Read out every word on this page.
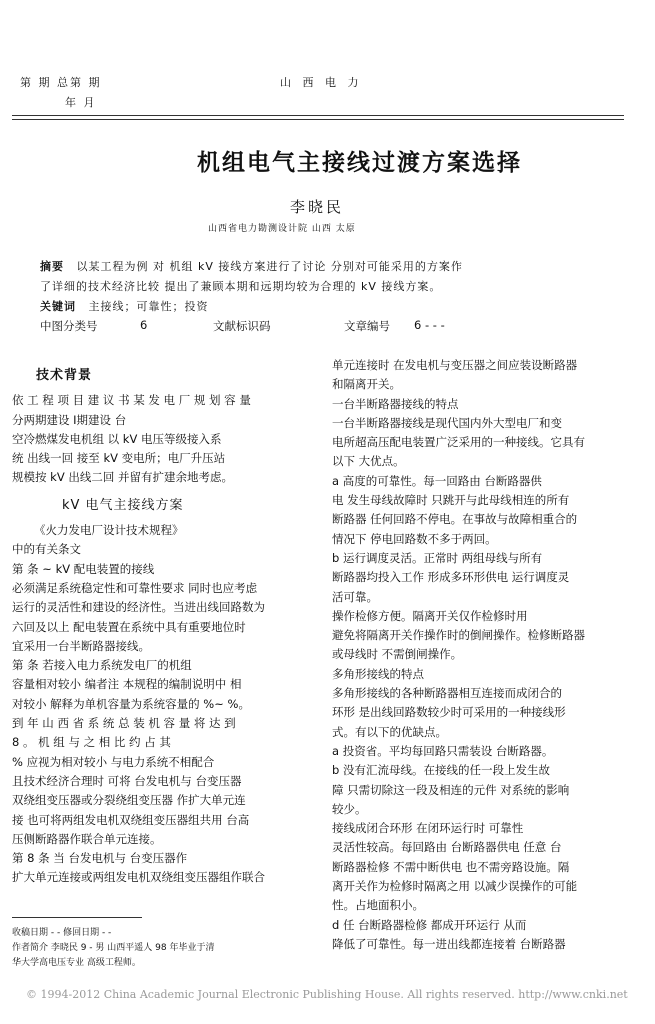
第 期 总第 期
年 月
山 西 电 力
机组电气主接线过渡方案选择
李晓民
山西省电力勘测设计院 山西 太原
摘要 以某工程为例 对 机组 kV 接线方案进行了讨论 分别对可能采用的方案作
了详细的技术经济比较 提出了兼顾本期和远期均较为合理的 kV 接线方案。
关键词 主接线；可靠性；投资
中图分类号	6	文献标识码	文章编号 6 - - -

技术背景

依 工 程 项 目 建 议 书 某 发 电 厂 规 划 容 量

分两期建设 Ⅰ期建设 台

空冷燃煤发电机组 以 kV 电压等级接入系

统 出线一回 接至 kV 变电所；电厂升压站

规模按 kV 出线二回 并留有扩建余地考虑。

kV 电气主接线方案

《火力发电厂设计技术规程》

中的有关条文

第 条 ~ kV 配电装置的接线

必须满足系统稳定性和可靠性要求 同时也应考虑

运行的灵活性和建设的经济性。当进出线回路数为

六回及以上 配电装置在系统中具有重要地位时

宜采用一台半断路器接线。

第 条 若接入电力系统发电厂的机组

容量相对较小 编者注 本规程的编制说明中 相

对较小 解释为单机容量为系统容量的 %~ %。

到 年 山 西 省 系 统 总 装 机 容 量 将 达 到

8 。 机 组 与 之 相 比 约 占 其

% 应视为相对较小 与电力系统不相配合

且技术经济合理时 可将 台发电机与 台变压器

双绕组变压器或分裂绕组变压器 作扩大单元连

接 也可将两组发电机双绕组变压器组共用 台高

压侧断路器作联合单元连接。

第 8 条 当 台发电机与 台变压器作

扩大单元连接或两组发电机双绕组变压器组作联合

收稿日期 - - 修回日期 - -
作者简介 李晓民 9 - 男 山西平遥人 98 年毕业于清
华大学高电压专业 高级工程师。

单元连接时 在发电机与变压器之间应装设断路器

和隔离开关。

一台半断路器接线的特点

一台半断路器接线是现代国内外大型电厂和变

电所超高压配电装置广泛采用的一种接线。它具有

以下 大优点。

a 高度的可靠性。每一回路由 台断路器供

电 发生母线故障时 只跳开与此母线相连的所有

断路器 任何回路不停电。在事故与故障相重合的

情况下 停电回路数不多于两回。

b 运行调度灵活。正常时 两组母线与所有

断路器均投入工作 形成多环形供电 运行调度灵

活可靠。

操作检修方便。隔离开关仅作检修时用

避免将隔离开关作操作时的倒闸操作。检修断路器

或母线时 不需倒闸操作。

多角形接线的特点

多角形接线的各种断路器相互连接而成闭合的

环形 是出线回路数较少时可采用的一种接线形

式。有以下的优缺点。

a 投资省。平均每回路只需装设 台断路器。

b 没有汇流母线。在接线的任一段上发生故

障 只需切除这一段及相连的元件 对系统的影响

较少。

接线成闭合环形 在闭环运行时 可靠性

灵活性较高。每回路由 台断路器供电 任意 台

断路器检修 不需中断供电 也不需旁路设施。隔

离开关作为检修时隔离之用 以减少误操作的可能

性。占地面积小。

d 任 台断路器检修 都成开环运行 从而

降低了可靠性。每一进出线都连接着 台断路器

© 1994-2012 China Academic Journal Electronic Publishing House. All rights reserved. http://www.cnki.net
